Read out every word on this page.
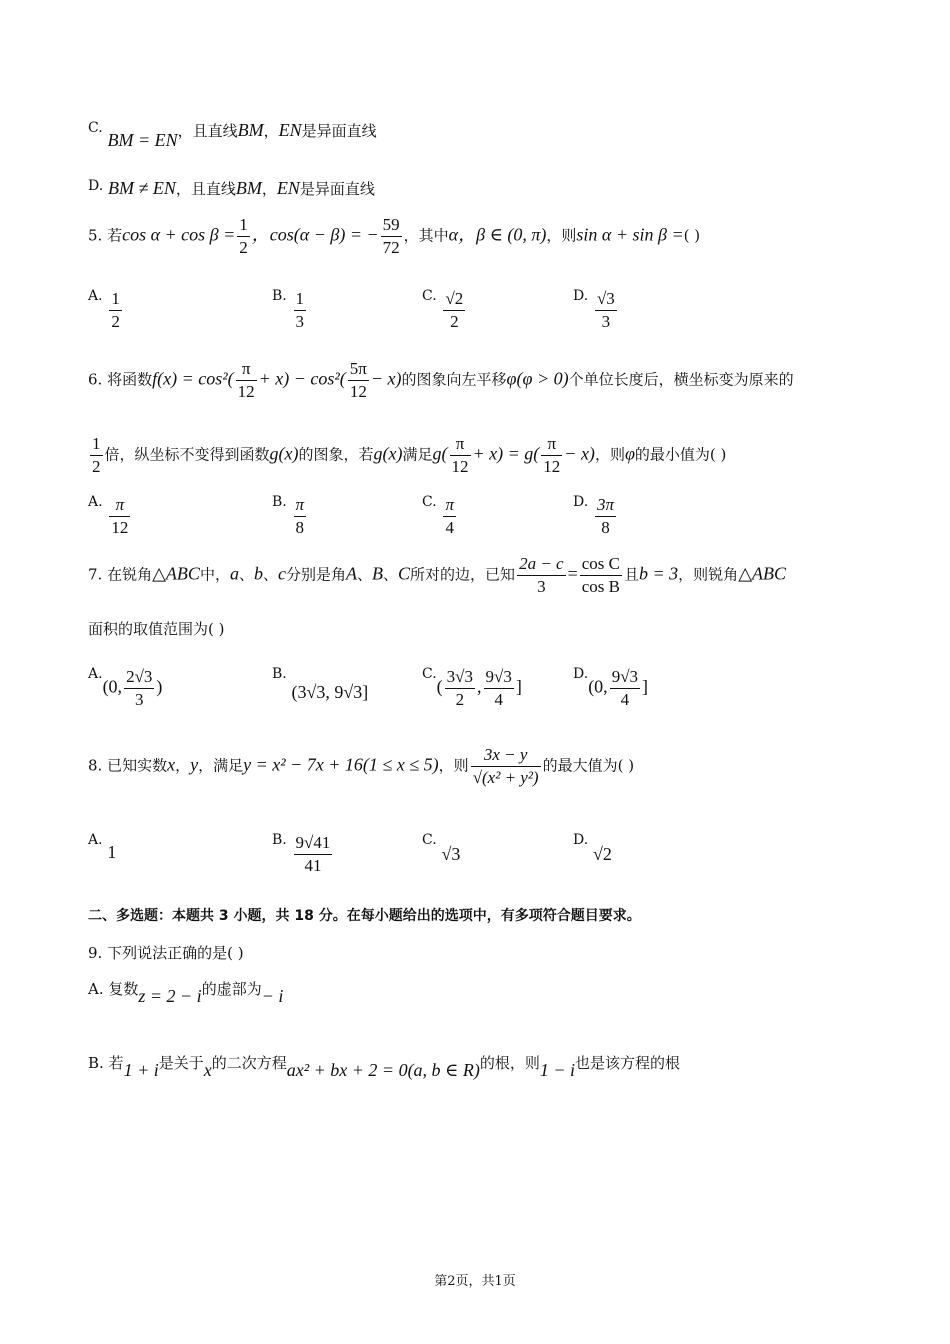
C. BM = EN，且直线BM，EN是异面直线
D. BM ≠ EN，且直线BM，EN是异面直线
5. 若$\cos \alpha + \cos \beta = \frac{1}{2}$ ，cos(α − β) = − $\frac{59}{72}$ ，其中α，β ∈ (0, π)，则sin α + sin β =( )
A. $\frac{1}{2}$	B. $\frac{1}{3}$	C. $\frac{√2}{2}$	D. $\frac{√3}{3}$
6. 将函数$f(x) = \cos^2( \frac{\pi}{12} + x) - \cos^2( \frac{5\pi}{12} - x)$的图象向左平移φ(φ > 0)个单位长度后，横坐标变为原来的
$\frac{1}{2}$ 倍，纵坐标不变得到函数g(x)的图象，若g(x)满足$g( \frac{\pi}{12} + x) = g( \frac{\pi}{12} - x)$，则φ的最小值为( )
A. $\frac{\pi}{12}$	B. $\frac{\pi}{8}$	C. $\frac{\pi}{4}$	D. $\frac{3\pi}{8}$
7. 在锐角△ABC中，a、b、c分别是角A、B、C所对的边，已知 $\frac{2a - c}{3} = \frac{\text{cos C}}{\text{cos B}}$ 且b = 3，则锐角△ABC
面积的取值范围为( )
A.(0, $\frac{2√3}{3}$ )
B. (3√3, 9√3]
$C.( \frac{3√3}{2}$ , $\frac{9√3}{4}$ ]
D.(0, $\frac{9√3}{4}$ ]
8. 已知实数x，y，满足y = x² − 7x + 16(1 ≤ x ≤ 5)，则 $\frac{3x - y}{\text{√(x² + y²)}}$ 的最大值为( )
A. 1
B. $\frac{9√41}{41}$	C. √3
D. √2
二、多选题：本题共 3 小题，共 18 分。在每小题给出的选项中，有多项符合题目要求。
9. 下列说法正确的是( )
A. 复数z = 2 − i的虚部为− i
B. 若1 + i是关于x的二次方程ax² + bx + 2 = 0(a, b ∈ R)的根，则1 − i也是该方程的根
第2页，共1页
